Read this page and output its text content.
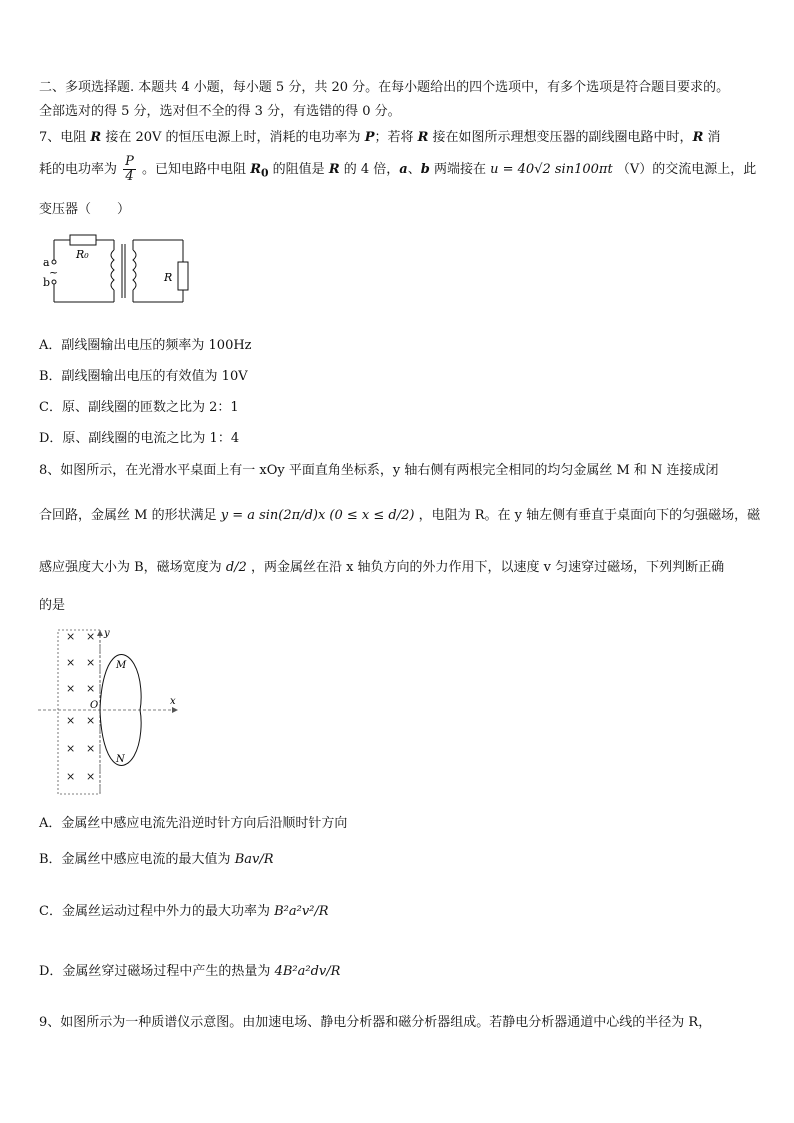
二、多项选择题. 本题共 4 小题，每小题 5 分，共 20 分。在每小题给出的四个选项中，有多个选项是符合题目要求的。
全部选对的得 5 分，选对但不全的得 3 分，有选错的得 0 分。
7、电阻 R 接在 20V 的恒压电源上时，消耗的电功率为 P；若将 R 接在如图所示理想变压器的副线圈电路中时，R 消
耗的电功率为 $\frac{P}{4}$ 。已知电路中电阻 $R_0$ 的阻值是 R 的 4 倍，a、b 两端接在 u = 40√2 sin100πt （V）的交流电源上，此
变压器（　　）
R₀
a
b
~	R
A．副线圈输出电压的频率为 100Hz
B．副线圈输出电压的有效值为 10V
C．原、副线圈的匝数之比为 2：1
D．原、副线圈的电流之比为 1：4
8、如图所示，在光滑水平桌面上有一 xOy 平面直角坐标系，y 轴右侧有两根完全相同的均匀金属丝 M 和 N 连接成闭
合回路，金属丝 M 的形状满足 y = a sin(2π/d)x (0 ≤ x ≤ d/2) ，电阻为 R。在 y 轴左侧有垂直于桌面向下的匀强磁场，磁
感应强度大小为 B，磁场宽度为 d/2 ，两金属丝在沿 x 轴负方向的外力作用下，以速度 v 匀速穿过磁场，下列判断正确
的是
× ×
× ×
× ×
× ×
× ×
× ×
x
y
O
M
N
A．金属丝中感应电流先沿逆时针方向后沿顺时针方向
B．金属丝中感应电流的最大值为 Bav/R
C．金属丝运动过程中外力的最大功率为 B²a²v²/R
D．金属丝穿过磁场过程中产生的热量为 4B²a²dv/R
9、如图所示为一种质谱仪示意图。由加速电场、静电分析器和磁分析器组成。若静电分析器通道中心线的半径为 R，
